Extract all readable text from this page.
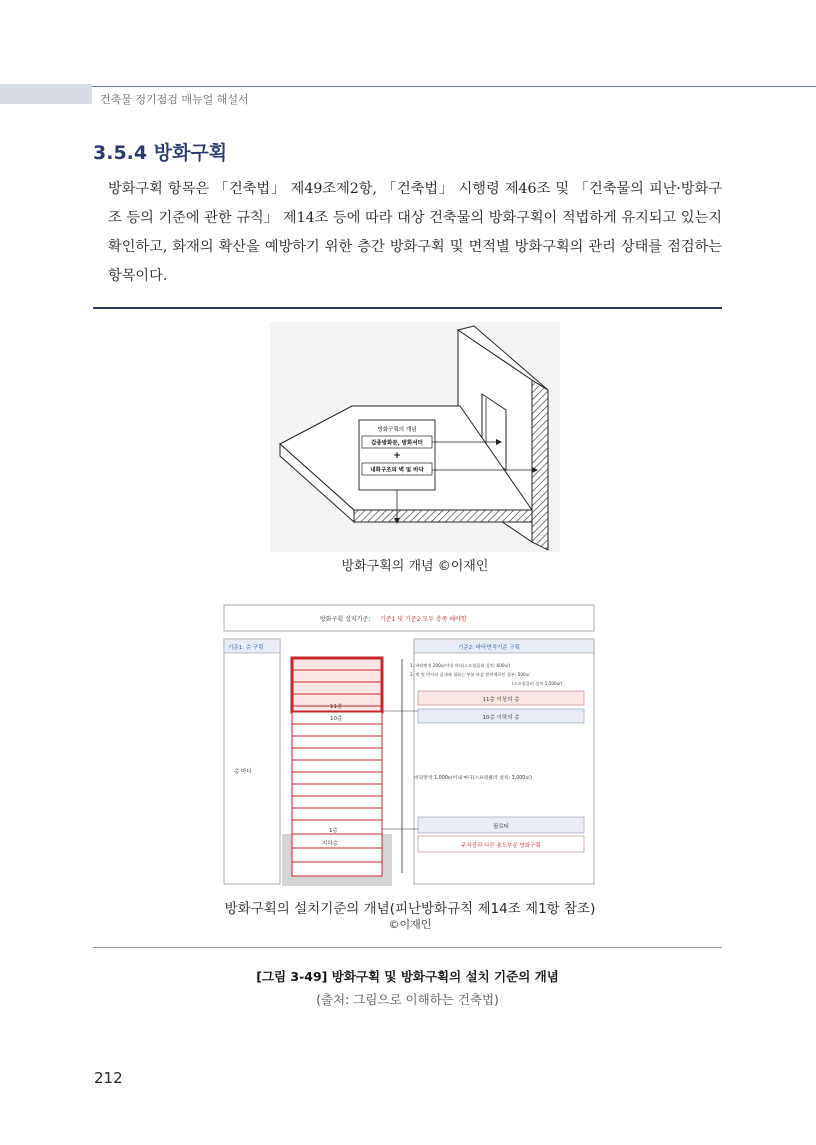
건축물 정기점검 매뉴얼 해설서
3.5.4 방화구획

방화구획 항목은 「건축법」 제49조제2항, 「건축법」 시행령 제46조 및 「건축물의 피난·방화구조 등의 기준에 관한 규칙」 제14조 등에 따라 대상 건축물의 방화구획이 적법하게 유지되고 있는지 확인하고, 화재의 확산을 예방하기 위한 층간 방화구획 및 면적별 방화구획의 관리 상태를 점검하는 항목이다.

방화구획의 개념
갑종방화문, 방화셔터
+
내화구조의 벽 및 바닥
방화구획의 개념 ©이재인
방화구획 설치기준: 기준1 및 기준2 모두 충족 해야함
기준1: 층 구획
층 마다
기준2: 바닥면적기준 구획
1. 바닥면적 200㎡이내 마다(스프링클러 설치: 600㎡)
2. 벽 및 반자의 실내에 접하는 부분 마감 불연재료인 경우: 500㎡
(스프링클러 설치:1,500㎡)
11층
10층
1층
지하층
11층 이상의 층
10층 이하의 층
바닥면적 1,000㎡이내 마다(스프링클러 설치: 3,000㎡)
필로티
주차장과 다른 용도부분 방화구획
방화구획의 설치기준의 개념(피난방화규칙 제14조 제1항 참조)
©이재인
[그림 3-49] 방화구획 및 방화구획의 설치 기준의 개념
(출처: 그림으로 이해하는 건축법)
212
